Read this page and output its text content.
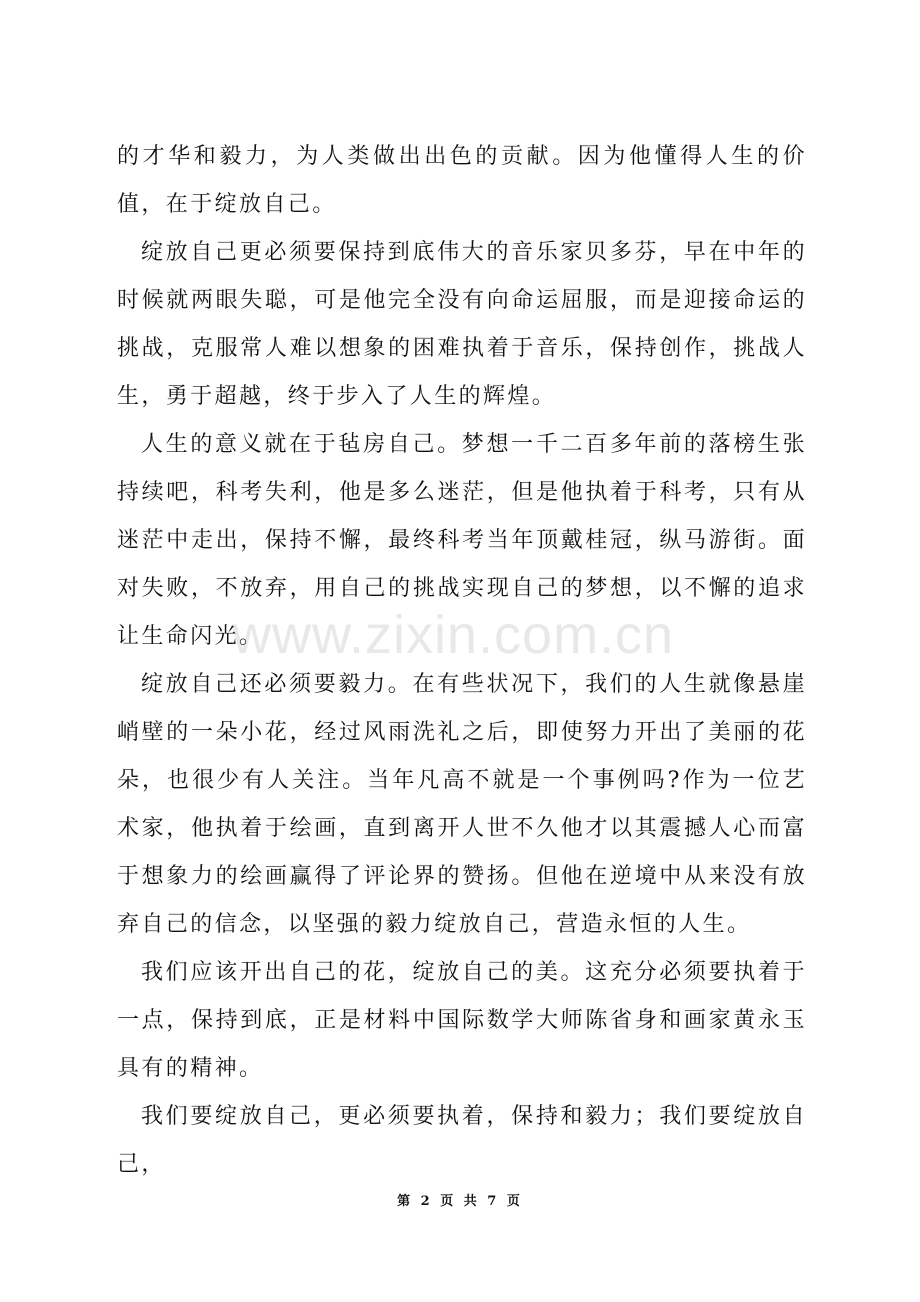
的才华和毅力，为人类做出出色的贡献。因为他懂得人生的价值，在于绽放自己。

绽放自己更必须要保持到底伟大的音乐家贝多芬，早在中年的时候就两眼失聪，可是他完全没有向命运屈服，而是迎接命运的挑战，克服常人难以想象的困难执着于音乐，保持创作，挑战人生，勇于超越，终于步入了人生的辉煌。

人生的意义就在于毡房自己。梦想一千二百多年前的落榜生张持续吧，科考失利，他是多么迷茫，但是他执着于科考，只有从迷茫中走出，保持不懈，最终科考当年顶戴桂冠，纵马游街。面对失败，不放弃，用自己的挑战实现自己的梦想，以不懈的追求让生命闪光。

绽放自己还必须要毅力。在有些状况下，我们的人生就像悬崖峭壁的一朵小花，经过风雨洗礼之后，即使努力开出了美丽的花朵，也很少有人关注。当年凡高不就是一个事例吗?作为一位艺术家，他执着于绘画，直到离开人世不久他才以其震撼人心而富于想象力的绘画赢得了评论界的赞扬。但他在逆境中从来没有放弃自己的信念，以坚强的毅力绽放自己，营造永恒的人生。

我们应该开出自己的花，绽放自己的美。这充分必须要执着于一点，保持到底，正是材料中国际数学大师陈省身和画家黄永玉具有的精神。

我们要绽放自己，更必须要执着，保持和毅力；我们要绽放自己，

www.zixin.com.cn
第 2 页 共 7 页
